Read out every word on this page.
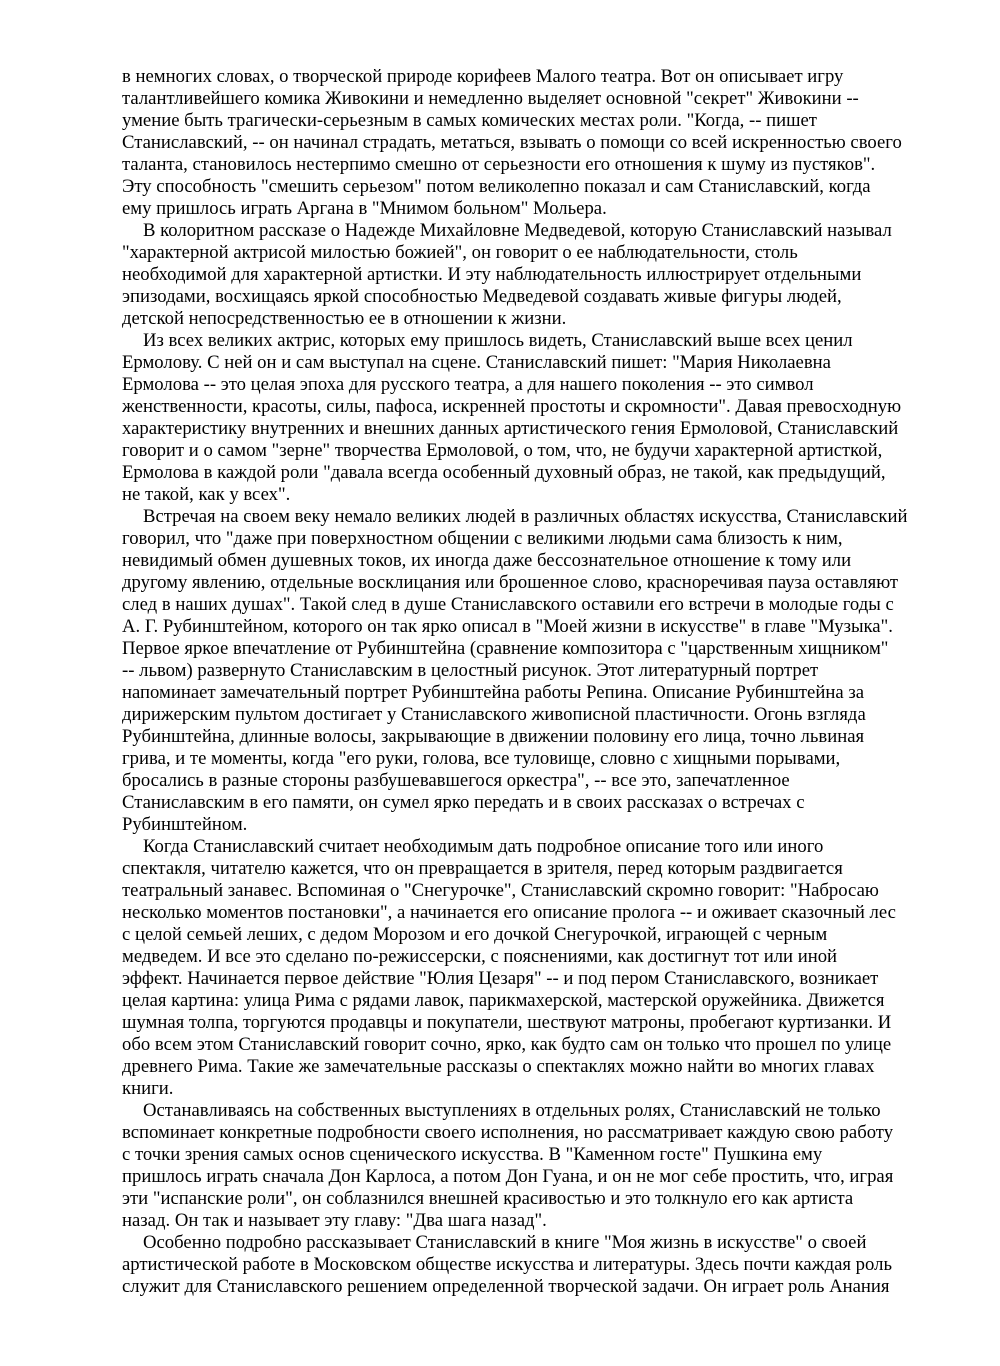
в немногих словах, о творческой природе корифеев Малого театра. Вот он описывает игру
талантливейшего комика Живокини и немедленно выделяет основной "секрет" Живокини --
умение быть трагически-серьезным в самых комических местах роли. "Когда, -- пишет
Станиславский, -- он начинал страдать, метаться, взывать о помощи со всей искренностью своего
таланта, становилось нестерпимо смешно от серьезности его отношения к шуму из пустяков".
Эту способность "смешить серьезом" потом великолепно показал и сам Станиславский, когда
ему пришлось играть Аргана в "Мнимом больном" Мольера.

В колоритном рассказе о Надежде Михайловне Медведевой, которую Станиславский называл
"характерной актрисой милостью божией", он говорит о ее наблюдательности, столь
необходимой для характерной артистки. И эту наблюдательность иллюстрирует отдельными
эпизодами, восхищаясь яркой способностью Медведевой создавать живые фигуры людей,
детской непосредственностью ее в отношении к жизни.

Из всех великих актрис, которых ему пришлось видеть, Станиславский выше всех ценил
Ермолову. С ней он и сам выступал на сцене. Станиславский пишет: "Мария Николаевна
Ермолова -- это целая эпоха для русского театра, а для нашего поколения -- это символ
женственности, красоты, силы, пафоса, искренней простоты и скромности". Давая превосходную
характеристику внутренних и внешних данных артистического гения Ермоловой, Станиславский
говорит и о самом "зерне" творчества Ермоловой, о том, что, не будучи характерной артисткой,
Ермолова в каждой роли "давала всегда особенный духовный образ, не такой, как предыдущий,
не такой, как у всех".

Встречая на своем веку немало великих людей в различных областях искусства, Станиславский
говорил, что "даже при поверхностном общении с великими людьми сама близость к ним,
невидимый обмен душевных токов, их иногда даже бессознательное отношение к тому или
другому явлению, отдельные восклицания или брошенное слово, красноречивая пауза оставляют
след в наших душах". Такой след в душе Станиславского оставили его встречи в молодые годы с
А. Г. Рубинштейном, которого он так ярко описал в "Моей жизни в искусстве" в главе "Музыка".
Первое яркое впечатление от Рубинштейна (сравнение композитора с "царственным хищником"
-- львом) развернуто Станиславским в целостный рисунок. Этот литературный портрет
напоминает замечательный портрет Рубинштейна работы Репина. Описание Рубинштейна за
дирижерским пультом достигает у Станиславского живописной пластичности. Огонь взгляда
Рубинштейна, длинные волосы, закрывающие в движении половину его лица, точно львиная
грива, и те моменты, когда "его руки, голова, все туловище, словно с хищными порывами,
бросались в разные стороны разбушевавшегося оркестра", -- все это, запечатленное
Станиславским в его памяти, он сумел ярко передать и в своих рассказах о встречах с
Рубинштейном.

Когда Станиславский считает необходимым дать подробное описание того или иного
спектакля, читателю кажется, что он превращается в зрителя, перед которым раздвигается
театральный занавес. Вспоминая о "Снегурочке", Станиславский скромно говорит: "Набросаю
несколько моментов постановки", а начинается его описание пролога -- и оживает сказочный лес
с целой семьей леших, с дедом Морозом и его дочкой Снегурочкой, играющей с черным
медведем. И все это сделано по-режиссерски, с пояснениями, как достигнут тот или иной
эффект. Начинается первое действие "Юлия Цезаря" -- и под пером Станиславского, возникает
целая картина: улица Рима с рядами лавок, парикмахерской, мастерской оружейника. Движется
шумная толпа, торгуются продавцы и покупатели, шествуют матроны, пробегают куртизанки. И
обо всем этом Станиславский говорит сочно, ярко, как будто сам он только что прошел по улице
древнего Рима. Такие же замечательные рассказы о спектаклях можно найти во многих главах
книги.

Останавливаясь на собственных выступлениях в отдельных ролях, Станиславский не только
вспоминает конкретные подробности своего исполнения, но рассматривает каждую свою работу
с точки зрения самых основ сценического искусства. В "Каменном госте" Пушкина ему
пришлось играть сначала Дон Карлоса, а потом Дон Гуана, и он не мог себе простить, что, играя
эти "испанские роли", он соблазнился внешней красивостью и это толкнуло его как артиста
назад. Он так и называет эту главу: "Два шага назад".

Особенно подробно рассказывает Станиславский в книге "Моя жизнь в искусстве" о своей
артистической работе в Московском обществе искусства и литературы. Здесь почти каждая роль
служит для Станиславского решением определенной творческой задачи. Он играет роль Анания
